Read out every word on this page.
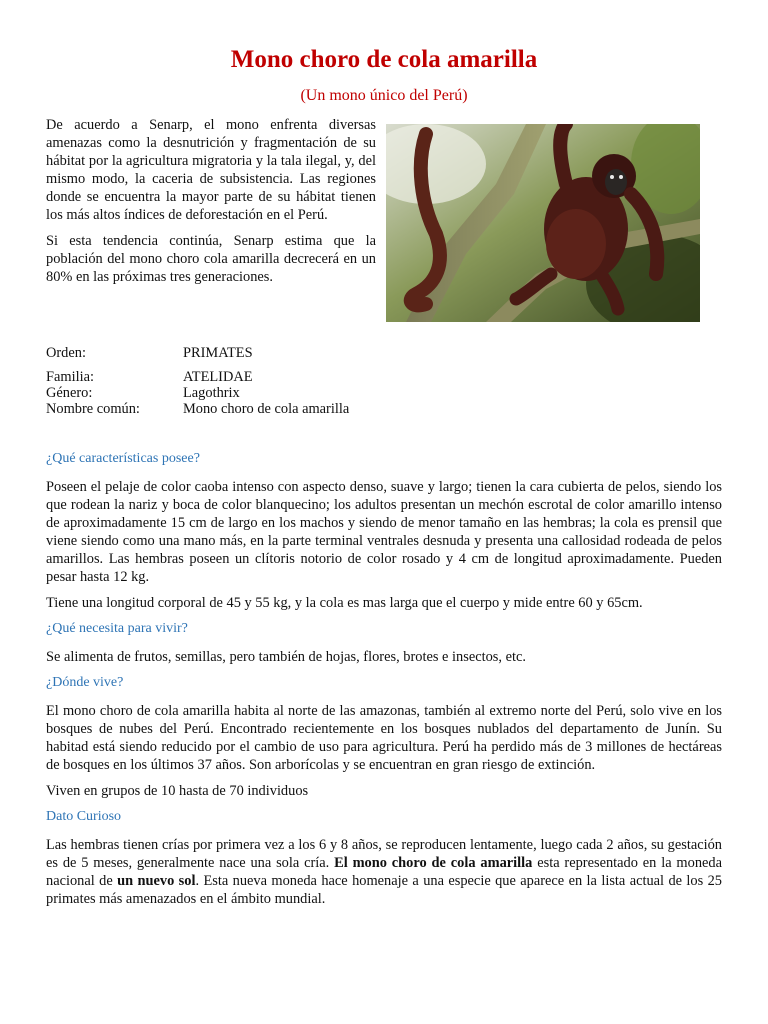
Mono choro de cola amarilla
(Un mono único del Perú)

De acuerdo a Senarp, el mono enfrenta diversas amenazas como la desnutrición y fragmentación de su hábitat por la agricultura migratoria y la tala ilegal, y, del mismo modo, la caceria de subsistencia. Las regiones donde se encuentra la mayor parte de su hábitat tienen los más altos índices de deforestación en el Perú.

Si esta tendencia continúa, Senarp estima que la población del mono choro cola amarilla decrecerá en un 80% en las próximas tres generaciones.

Orden:	PRIMATES
Familia:	ATELIDAE
Género:	Lagothrix
Nombre común:	Mono choro de cola amarilla
¿Qué características posee?

Poseen el pelaje de color caoba intenso con aspecto denso, suave y largo; tienen la cara cubierta de pelos, siendo los que rodean la nariz y boca de color blanquecino; los adultos presentan un mechón escrotal de color amarillo intenso de aproximadamente 15 cm de largo en los machos y siendo de menor tamaño en las hembras; la cola es prensil que viene siendo como una mano más, en la parte terminal ventrales desnuda y presenta una callosidad rodeada de pelos amarillos. Las hembras poseen un clítoris notorio de color rosado y 4 cm de longitud aproximadamente. Pueden pesar hasta 12 kg.

Tiene una longitud corporal de 45 y 55 kg, y la cola es mas larga que el cuerpo y mide entre 60 y 65cm.

¿Qué necesita para vivir?

Se alimenta de frutos, semillas, pero también de hojas, flores, brotes e insectos, etc.

¿Dónde vive?

El mono choro de cola amarilla habita al norte de las amazonas, también al extremo norte del Perú, solo vive en los bosques de nubes del Perú. Encontrado recientemente en los bosques nublados del departamento de Junín. Su habitad está siendo reducido por el cambio de uso para agricultura. Perú ha perdido más de 3 millones de hectáreas de bosques en los últimos 37 años. Son arborícolas y se encuentran en gran riesgo de extinción.

Viven en grupos de 10 hasta de 70 individuos

Dato Curioso

Las hembras tienen crías por primera vez a los 6 y 8 años, se reproducen lentamente, luego cada 2 años, su gestación es de 5 meses, generalmente nace una sola cría. El mono choro de cola amarilla esta representado en la moneda nacional de un nuevo sol. Esta nueva moneda hace homenaje a una especie que aparece en la lista actual de los 25 primates más amenazados en el ámbito mundial.
